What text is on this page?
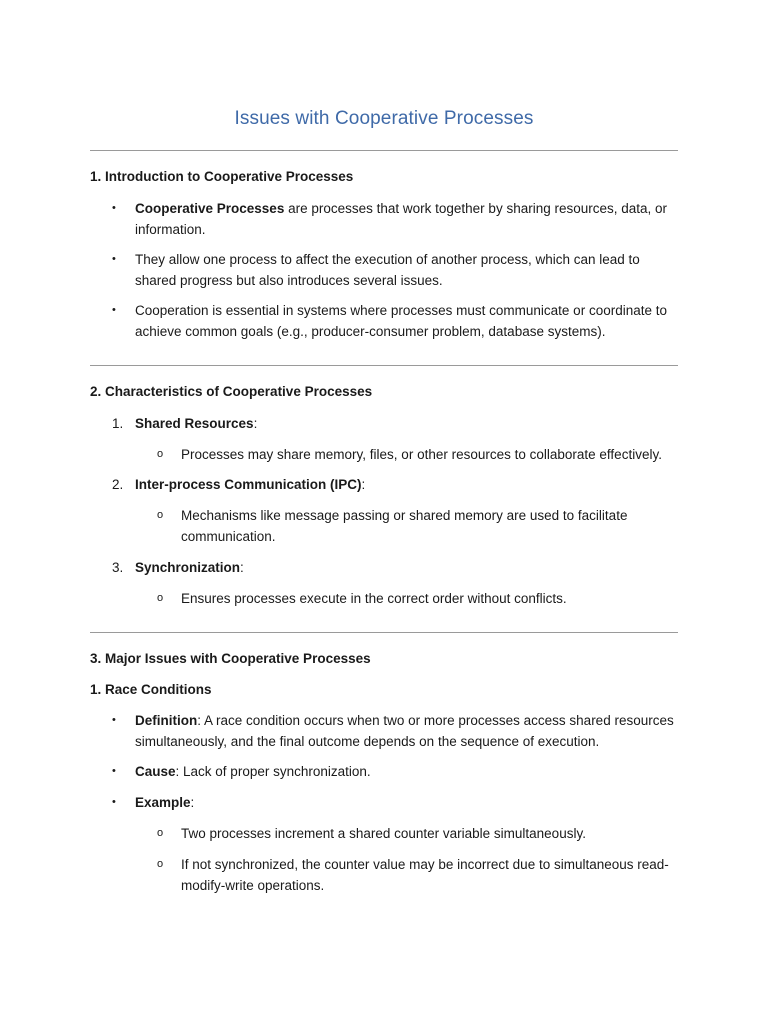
Issues with Cooperative Processes
1. Introduction to Cooperative Processes
• Cooperative Processes are processes that work together by sharing resources, data, or information.
• They allow one process to affect the execution of another process, which can lead to shared progress but also introduces several issues.
• Cooperation is essential in systems where processes must communicate or coordinate to achieve common goals (e.g., producer-consumer problem, database systems).
2. Characteristics of Cooperative Processes
1. Shared Resources:
o Processes may share memory, files, or other resources to collaborate effectively.
2. Inter-process Communication (IPC):
o Mechanisms like message passing or shared memory are used to facilitate communication.
3. Synchronization:
o Ensures processes execute in the correct order without conflicts.
3. Major Issues with Cooperative Processes
1. Race Conditions
• Definition: A race condition occurs when two or more processes access shared resources simultaneously, and the final outcome depends on the sequence of execution.
• Cause: Lack of proper synchronization.
• Example:
o Two processes increment a shared counter variable simultaneously.
o If not synchronized, the counter value may be incorrect due to simultaneous read-modify-write operations.
